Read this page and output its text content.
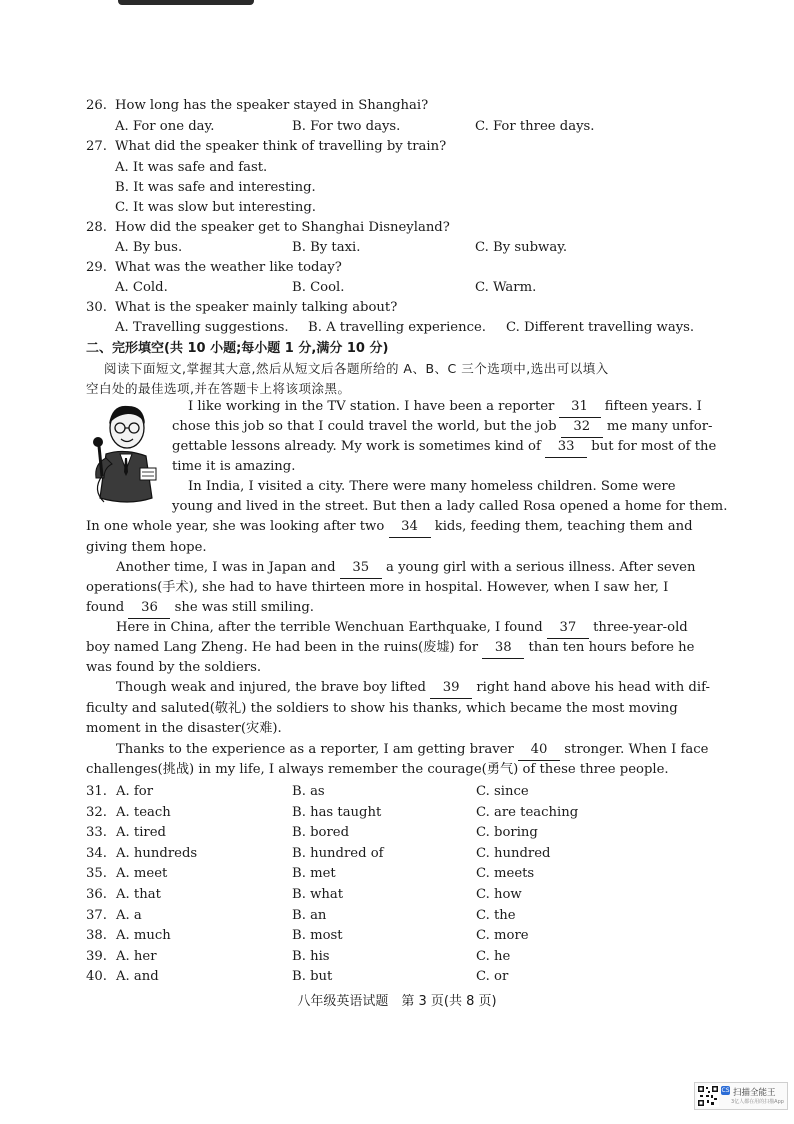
26. How long has the speaker stayed in Shanghai?
A. For one day.	B. For two days.	C. For three days.
27. What did the speaker think of travelling by train?
A. It was safe and fast.
B. It was safe and interesting.
C. It was slow but interesting.
28. How did the speaker get to Shanghai Disneyland?
A. By bus.	B. By taxi.	C. By subway.
29. What was the weather like today?
A. Cold.	B. Cool.	C. Warm.
30. What is the speaker mainly talking about?
A. Travelling suggestions. B. A travelling experience. C. Different travelling ways.
二、完形填空(共 10 小题;每小题 1 分,满分 10 分)
阅读下面短文,掌握其大意,然后从短文后各题所给的 A、B、C 三个选项中,选出可以填入
空白处的最佳选项,并在答题卡上将该项涂黑。
I like working in the TV station. I have been a reporter 31 fifteen years. I
chose this job so that I could travel the world, but the job 32 me many unfor-
gettable lessons already. My work is sometimes kind of 33 but for most of the
time it is amazing.
In India, I visited a city. There were many homeless children. Some were
young and lived in the street. But then a lady called Rosa opened a home for them.
In one whole year, she was looking after two 34 kids, feeding them, teaching them and
giving them hope.
Another time, I was in Japan and 35 a young girl with a serious illness. After seven
operations(手术), she had to have thirteen more in hospital. However, when I saw her, I
found 36 she was still smiling.
Here in China, after the terrible Wenchuan Earthquake, I found 37 three-year-old
boy named Lang Zheng. He had been in the ruins(废墟) for 38 than ten hours before he
was found by the soldiers.
Though weak and injured, the brave boy lifted 39 right hand above his head with dif-
ficulty and saluted(敬礼) the soldiers to show his thanks, which became the most moving
moment in the disaster(灾难).
Thanks to the experience as a reporter, I am getting braver 40 stronger. When I face
challenges(挑战) in my life, I always remember the courage(勇气) of these three people.
31. A. for	B. as	C. since
32. A. teach	B. has taught	C. are teaching
33. A. tired	B. bored	C. boring
34. A. hundreds	B. hundred of	C. hundred
35. A. meet	B. met	C. meets
36. A. that	B. what	C. how
37. A. a	B. an	C. the
38. A. much	B. most	C. more
39. A. her	B. his	C. he
40. A. and	B. but	C. or
八年级英语试题　第 3 页(共 8 页)
CS 扫描全能王
3亿人都在用的扫描App
